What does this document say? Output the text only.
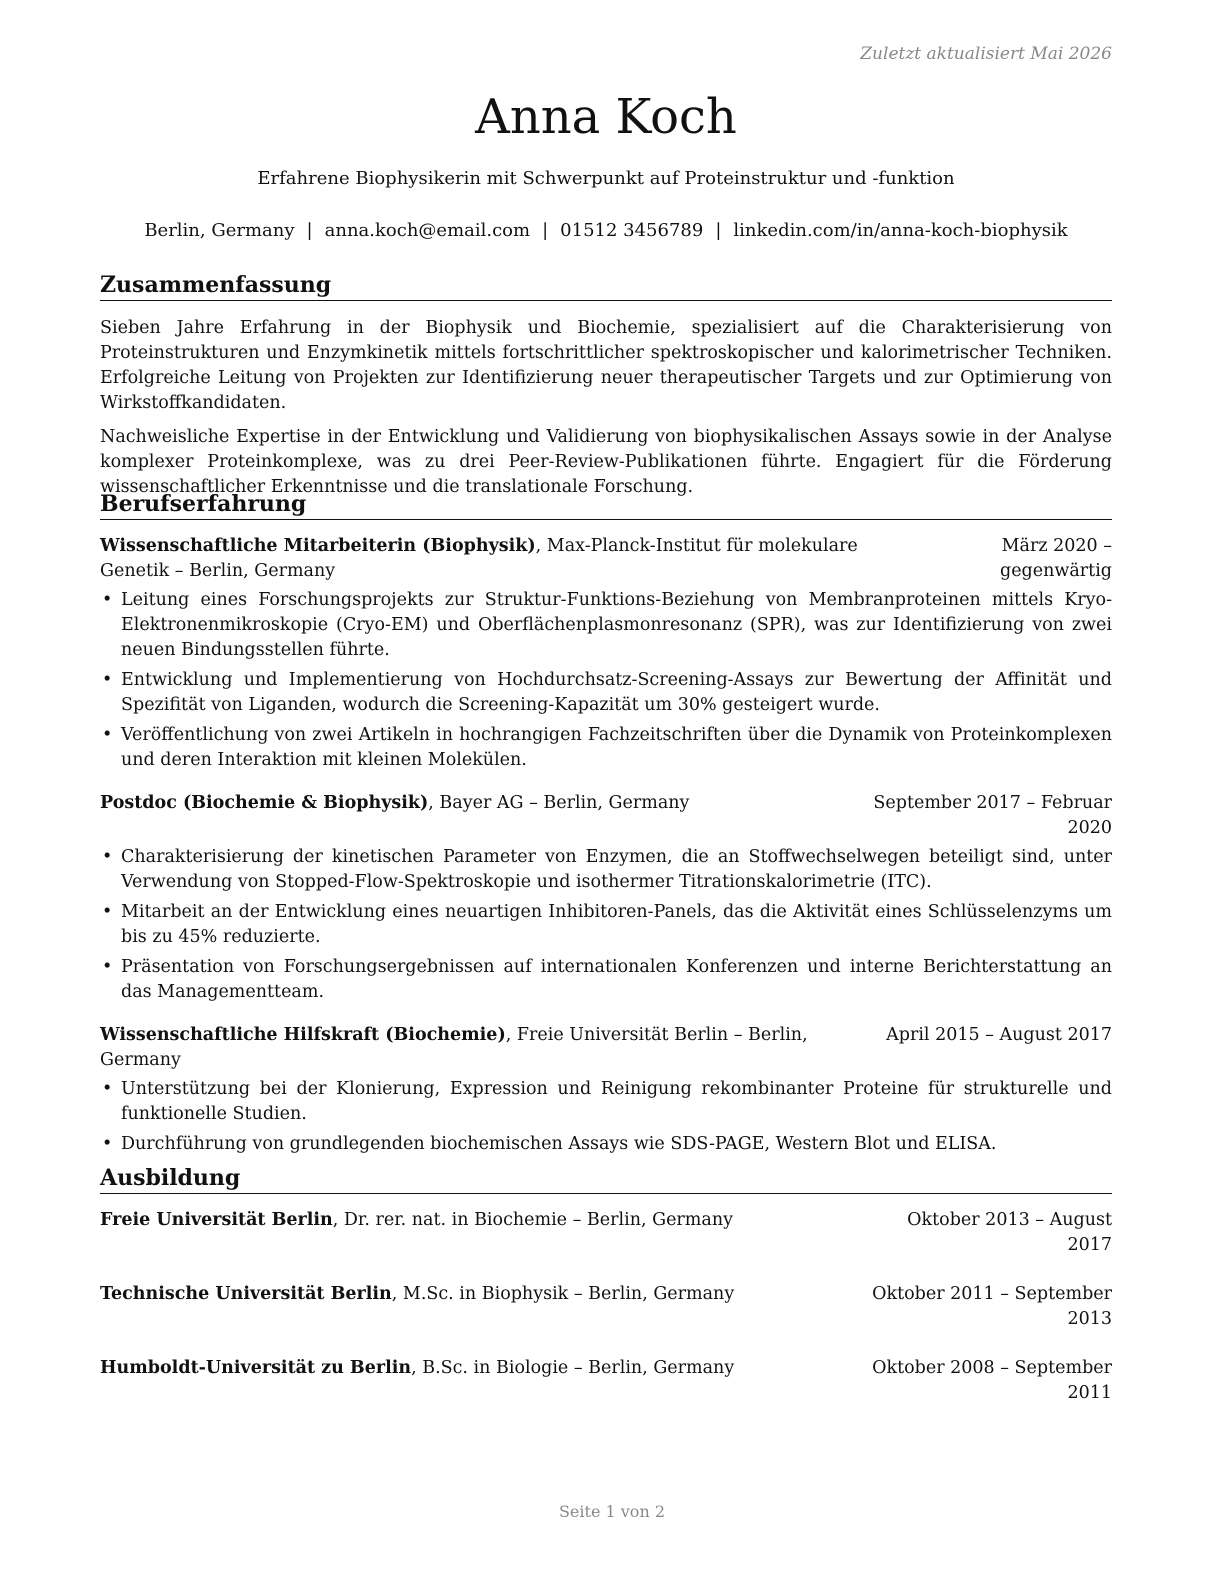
Zuletzt aktualisiert Mai 2026
Anna Koch
Erfahrene Biophysikerin mit Schwerpunkt auf Proteinstruktur und -funktion
Berlin, Germany | anna.koch@email.com | 01512 3456789 | linkedin.com/in/anna-koch-biophysik
Zusammenfassung

Sieben Jahre Erfahrung in der Biophysik und Biochemie, spezialisiert auf die Charakterisierung von Proteinstrukturen und Enzymkinetik mittels fortschrittlicher spektroskopischer und kalorimetrischer Techniken. Erfolgreiche Leitung von Projekten zur Identifizierung neuer therapeutischer Targets und zur Optimierung von Wirkstoffkandidaten.

Nachweisliche Expertise in der Entwicklung und Validierung von biophysikalischen Assays sowie in der Analyse komplexer Proteinkomplexe, was zu drei Peer-Review-Publikationen führte. Engagiert für die Förderung wissenschaftlicher Erkenntnisse und die translationale Forschung.

Berufserfahrung
Wissenschaftliche Mitarbeiterin (Biophysik), Max-Planck-Institut für molekulare Genetik – Berlin, Germany
März 2020 – gegenwärtig
• Leitung eines Forschungsprojekts zur Struktur-Funktions-Beziehung von Membranproteinen mittels Kryo-Elektronenmikroskopie (Cryo-EM) und Oberflächenplasmonresonanz (SPR), was zur Identifizierung von zwei neuen Bindungsstellen führte.
• Entwicklung und Implementierung von Hochdurchsatz-Screening-Assays zur Bewertung der Affinität und Spezifität von Liganden, wodurch die Screening-Kapazität um 30% gesteigert wurde.
• Veröffentlichung von zwei Artikeln in hochrangigen Fachzeitschriften über die Dynamik von Proteinkomplexen und deren Interaktion mit kleinen Molekülen.
Postdoc (Biochemie & Biophysik), Bayer AG – Berlin, Germany	September 2017 – Februar 2020
• Charakterisierung der kinetischen Parameter von Enzymen, die an Stoffwechselwegen beteiligt sind, unter Verwendung von Stopped-Flow-Spektroskopie und isothermer Titrationskalorimetrie (ITC).
• Mitarbeit an der Entwicklung eines neuartigen Inhibitoren-Panels, das die Aktivität eines Schlüsselenzyms um bis zu 45% reduzierte.
• Präsentation von Forschungsergebnissen auf internationalen Konferenzen und interne Berichterstattung an das Managementteam.
Wissenschaftliche Hilfskraft (Biochemie), Freie Universität Berlin – Berlin, Germany
April 2015 – August 2017
• Unterstützung bei der Klonierung, Expression und Reinigung rekombinanter Proteine für strukturelle und funktionelle Studien.
• Durchführung von grundlegenden biochemischen Assays wie SDS-PAGE, Western Blot und ELISA.
Ausbildung
Freie Universität Berlin, Dr. rer. nat. in Biochemie – Berlin, Germany	Oktober 2013 – August 2017
Technische Universität Berlin, M.Sc. in Biophysik – Berlin, Germany	Oktober 2011 – September 2013
Humboldt-Universität zu Berlin, B.Sc. in Biologie – Berlin, Germany	Oktober 2008 – September 2011
Seite 1 von 2
